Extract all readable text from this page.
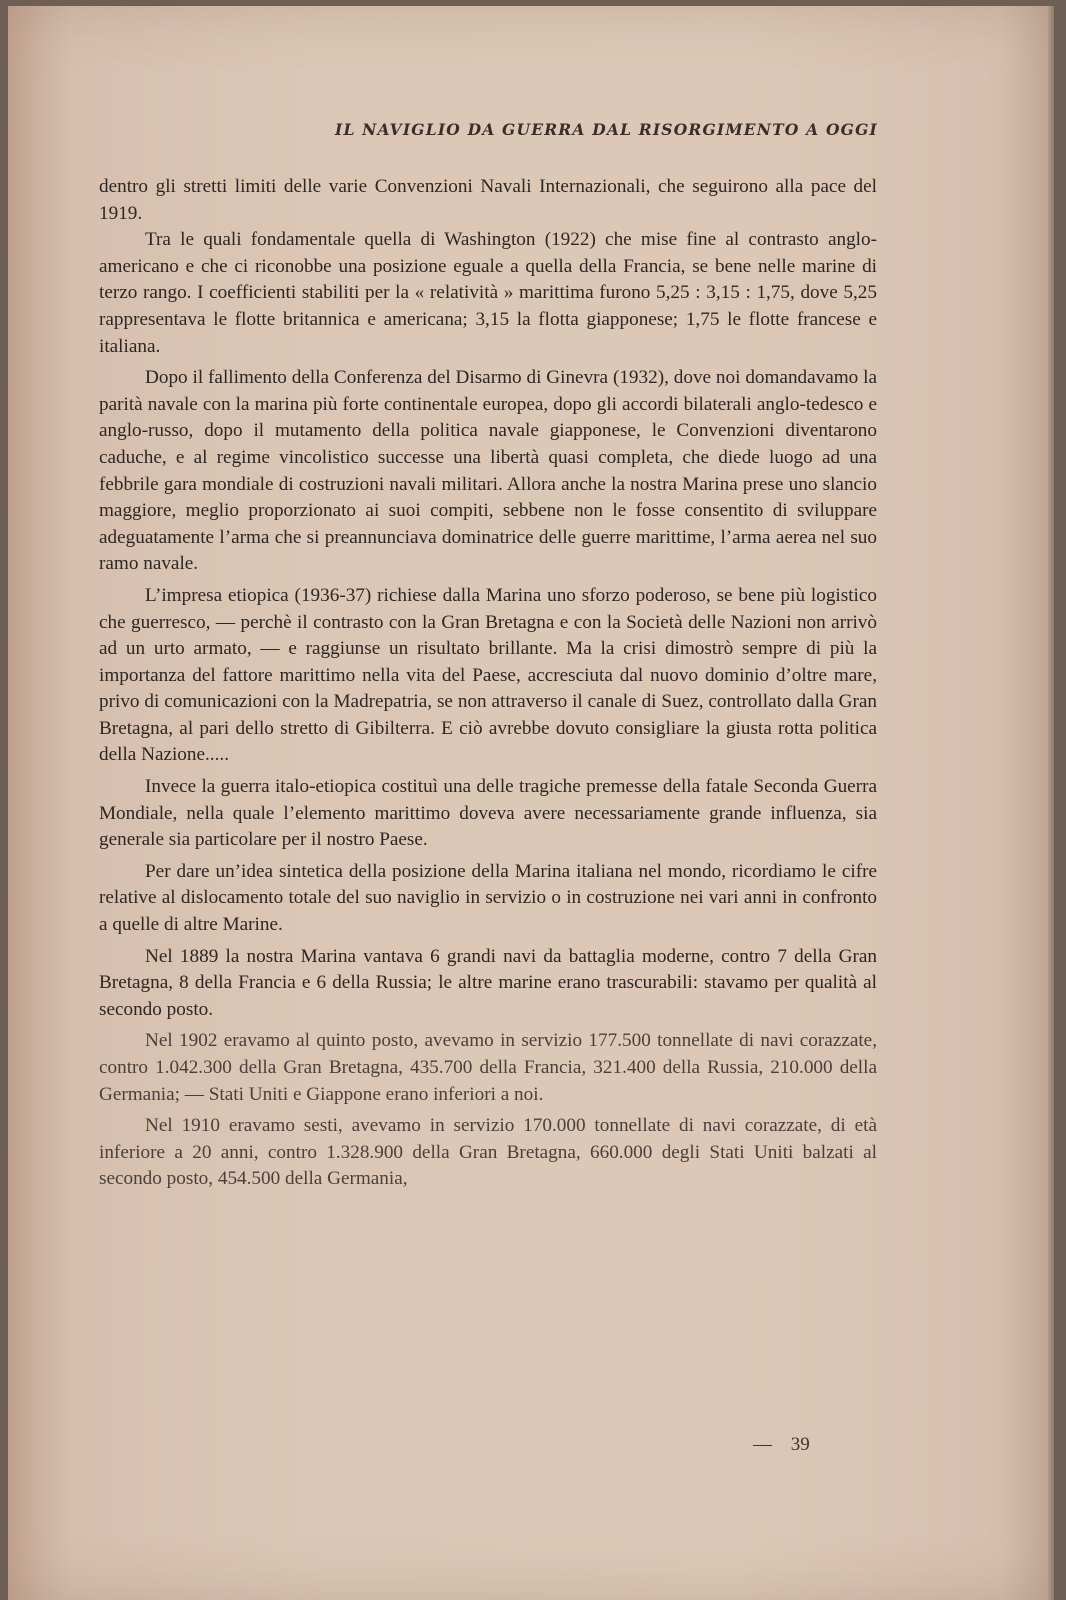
IL NAVIGLIO DA GUERRA DAL RISORGIMENTO A OGGI

dentro gli stretti limiti delle varie Convenzioni Navali Internazionali, che seguirono alla pace del 1919.

Tra le quali fondamentale quella di Washington (1922) che mise fine al contrasto anglo-americano e che ci riconobbe una posizione eguale a quella della Francia, se bene nelle marine di terzo rango. I coefficienti stabiliti per la « relatività » marittima furono 5,25 : 3,15 : 1,75, dove 5,25 rappresentava le flotte britannica e americana; 3,15 la flotta giapponese; 1,75 le flotte francese e italiana.

Dopo il fallimento della Conferenza del Disarmo di Ginevra (1932), dove noi domandavamo la parità navale con la marina più forte continentale europea, dopo gli accordi bilaterali anglo-tedesco e anglo-russo, dopo il mutamento della politica navale giapponese, le Convenzioni diventarono caduche, e al regime vincolistico successe una libertà quasi completa, che diede luogo ad una febbrile gara mondiale di costruzioni navali militari. Allora anche la nostra Marina prese uno slancio maggiore, meglio proporzionato ai suoi compiti, sebbene non le fosse consentito di sviluppare adeguatamente l’arma che si preannunciava dominatrice delle guerre marittime, l’arma aerea nel suo ramo navale.

L’impresa etiopica (1936-37) richiese dalla Marina uno sforzo poderoso, se bene più logistico che guerresco, — perchè il contrasto con la Gran Bretagna e con la Società delle Nazioni non arrivò ad un urto armato, — e raggiunse un risultato brillante. Ma la crisi dimostrò sempre di più la importanza del fattore marittimo nella vita del Paese, accresciuta dal nuovo dominio d’oltre mare, privo di comunicazioni con la Madrepatria, se non attraverso il canale di Suez, controllato dalla Gran Bretagna, al pari dello stretto di Gibilterra. E ciò avrebbe dovuto consigliare la giusta rotta politica della Nazione.....

Invece la guerra italo-etiopica costituì una delle tragiche premesse della fatale Seconda Guerra Mondiale, nella quale l’elemento marittimo doveva avere necessariamente grande influenza, sia generale sia particolare per il nostro Paese.

Per dare un’idea sintetica della posizione della Marina italiana nel mondo, ricordiamo le cifre relative al dislocamento totale del suo naviglio in servizio o in costruzione nei vari anni in confronto a quelle di altre Marine.

Nel 1889 la nostra Marina vantava 6 grandi navi da battaglia moderne, contro 7 della Gran Bretagna, 8 della Francia e 6 della Russia; le altre marine erano trascurabili: stavamo per qualità al secondo posto.

Nel 1902 eravamo al quinto posto, avevamo in servizio 177.500 tonnellate di navi corazzate, contro 1.042.300 della Gran Bretagna, 435.700 della Francia, 321.400 della Russia, 210.000 della Germania; — Stati Uniti e Giappone erano inferiori a noi.

Nel 1910 eravamo sesti, avevamo in servizio 170.000 tonnellate di navi corazzate, di età inferiore a 20 anni, contro 1.328.900 della Gran Bretagna, 660.000 degli Stati Uniti balzati al secondo posto, 454.500 della Germania,

— 39
